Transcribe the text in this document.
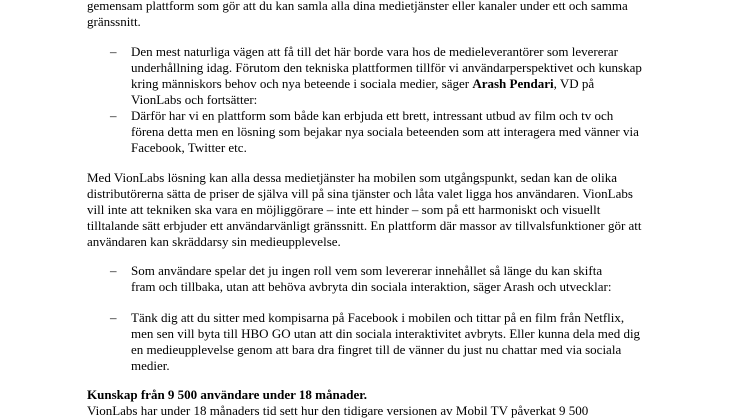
gemensam plattform som gör att du kan samla alla dina medietjänster eller kanaler under ett och samma
gränssnitt.
– Den mest naturliga vägen att få till det här borde vara hos de medieleverantörer som levererar
underhållning idag. Förutom den tekniska plattformen tillför vi användarperspektivet och kunskap
kring människors behov och nya beteende i sociala medier, säger Arash Pendari, VD på
VionLabs och fortsätter:
– Därför har vi en plattform som både kan erbjuda ett brett, intressant utbud av film och tv och
förena detta men en lösning som bejakar nya sociala beteenden som att interagera med vänner via
Facebook, Twitter etc.
Med VionLabs lösning kan alla dessa medietjänster ha mobilen som utgångspunkt, sedan kan de olika
distributörerna sätta de priser de själva vill på sina tjänster och låta valet ligga hos användaren. VionLabs
vill inte att tekniken ska vara en möjliggörare – inte ett hinder – som på ett harmoniskt och visuellt
tilltalande sätt erbjuder ett användarvänligt gränssnitt. En plattform där massor av tillvalsfunktioner gör att
användaren kan skräddarsy sin medieupplevelse.
– Som användare spelar det ju ingen roll vem som levererar innehållet så länge du kan skifta
fram och tillbaka, utan att behöva avbryta din sociala interaktion, säger Arash och utvecklar:
– Tänk dig att du sitter med kompisarna på Facebook i mobilen och tittar på en film från Netflix,
men sen vill byta till HBO GO utan att din sociala interaktivitet avbryts. Eller kunna dela med dig
en medieupplevelse genom att bara dra fingret till de vänner du just nu chattar med via sociala
medier.
Kunskap från 9 500 användare under 18 månader.
VionLabs har under 18 månaders tid sett hur den tidigare versionen av Mobil TV påverkat 9 500
